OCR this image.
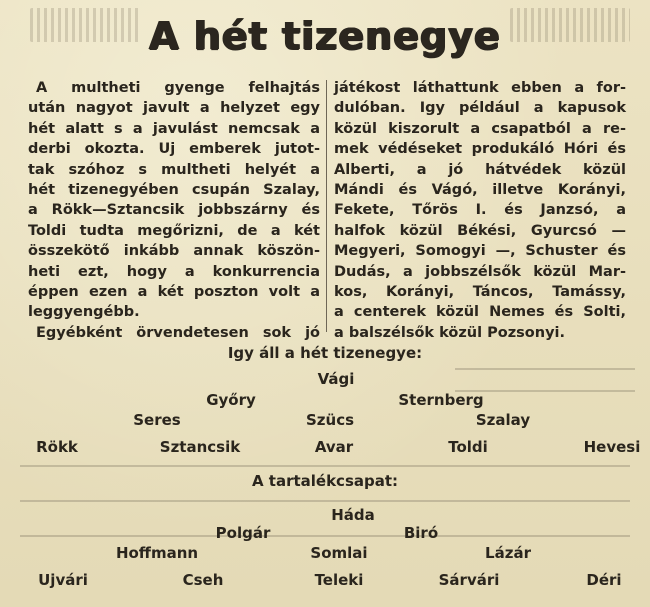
A hét tizenegye
A multheti gyenge felhajtás
után nagyot javult a helyzet egy
hét alatt s a javulást nemcsak a
derbi okozta. Uj emberek jutot-
tak szóhoz s multheti helyét a
hét tizenegyében csupán Szalay,
a Rökk—Sztancsik jobbszárny és
Toldi tudta megőrizni, de a két
összekötő inkább annak köszön-
heti ezt, hogy a konkurrencia
éppen ezen a két poszton volt a
leggyengébb.
Egyébként örvendetesen sok jó
játékost láthattunk ebben a for-
dulóban. Igy például a kapusok
közül kiszorult a csapatból a re-
mek védéseket produkáló Hóri és
Alberti, a jó hátvédek közül
Mándi és Vágó, illetve Korányi,
Fekete, Tőrös I. és Janzsó, a
halfok közül Békési, Gyurcsó —
Megyeri, Somogyi —, Schuster és
Dudás, a jobbszélsők közül Mar-
kos, Korányi, Táncos, Tamássy,
a centerek közül Nemes és Solti,
a balszélsők közül Pozsonyi.
Igy áll a hét tizenegye:
Vági
Győry	Sternberg
Seres	Szücs	Szalay
Rökk	Sztancsik	Avar	Toldi	Hevesi
A tartalékcsapat:
Háda
Polgár	Biró
Hoffmann	Somlai	Lázár
Ujvári	Cseh	Teleki	Sárvári	Déri
